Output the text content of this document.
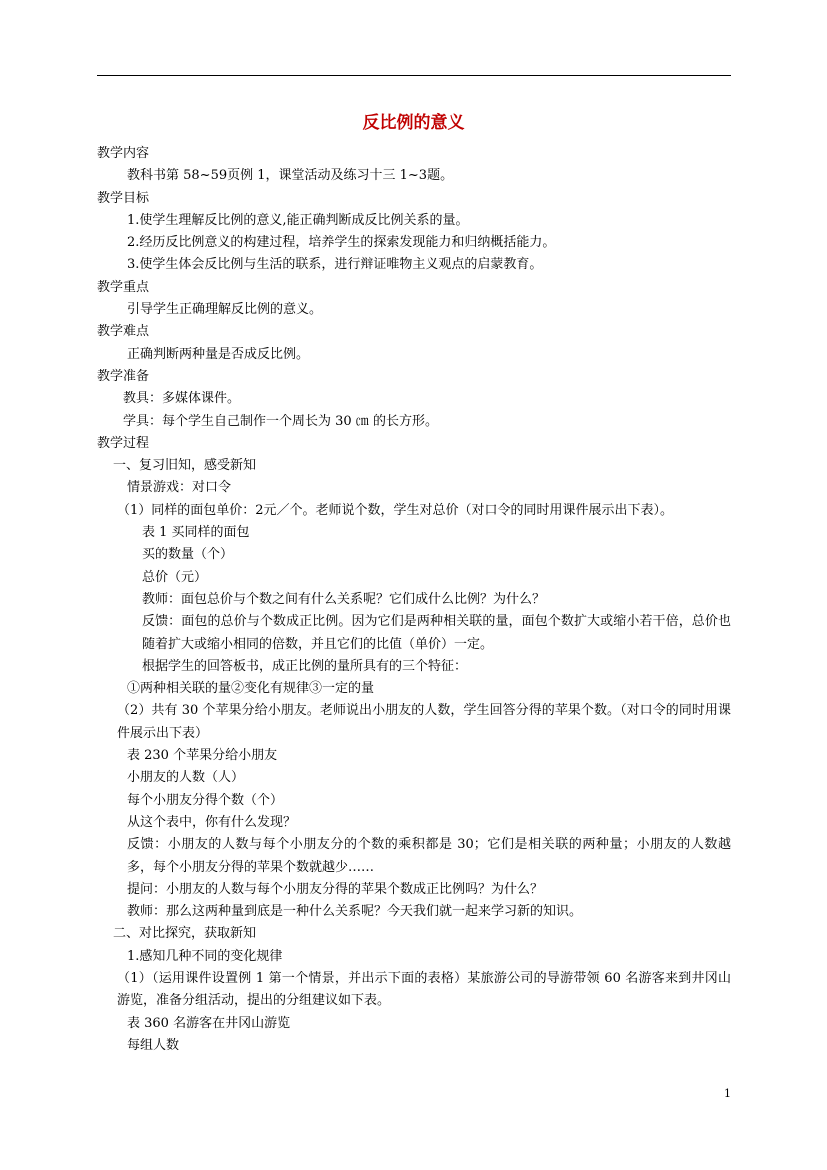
反比例的意义
教学内容
教科书第 58~59页例 1，课堂活动及练习十三 1~3题。
教学目标
1.使学生理解反比例的意义,能正确判断成反比例关系的量。
2.经历反比例意义的构建过程，培养学生的探索发现能力和归纳概括能力。
3.使学生体会反比例与生活的联系，进行辩证唯物主义观点的启蒙教育。
教学重点
引导学生正确理解反比例的意义。
教学难点
正确判断两种量是否成反比例。
教学准备
教具：多媒体课件。
学具：每个学生自己制作一个周长为 30 ㎝ 的长方形。
教学过程
一、复习旧知，感受新知
情景游戏：对口令
（1）同样的面包单价：2元／个。老师说个数，学生对总价（对口令的同时用课件展示出下表）。
表 1 买同样的面包
买的数量（个）
总价（元）
教师：面包总价与个数之间有什么关系呢？它们成什么比例？为什么？
反馈：面包的总价与个数成正比例。因为它们是两种相关联的量，面包个数扩大或缩小若干倍，总价也随着扩大或缩小相同的倍数，并且它们的比值（单价）一定。
根据学生的回答板书，成正比例的量所具有的三个特征：
①两种相关联的量②变化有规律③一定的量
（2）共有 30 个苹果分给小朋友。老师说出小朋友的人数，学生回答分得的苹果个数。（对口令的同时用课件展示出下表）
表 230 个苹果分给小朋友
小朋友的人数（人）
每个小朋友分得个数（个）
从这个表中，你有什么发现？
反馈：小朋友的人数与每个小朋友分的个数的乘积都是 30；它们是相关联的两种量；小朋友的人数越多，每个小朋友分得的苹果个数就越少……
提问：小朋友的人数与每个小朋友分得的苹果个数成正比例吗？为什么？
教师：那么这两种量到底是一种什么关系呢？今天我们就一起来学习新的知识。
二、对比探究，获取新知
1.感知几种不同的变化规律
（1）（运用课件设置例 1 第一个情景，并出示下面的表格）某旅游公司的导游带领 60 名游客来到井冈山游览，准备分组活动，提出的分组建议如下表。
表 360 名游客在井冈山游览
每组人数
1
